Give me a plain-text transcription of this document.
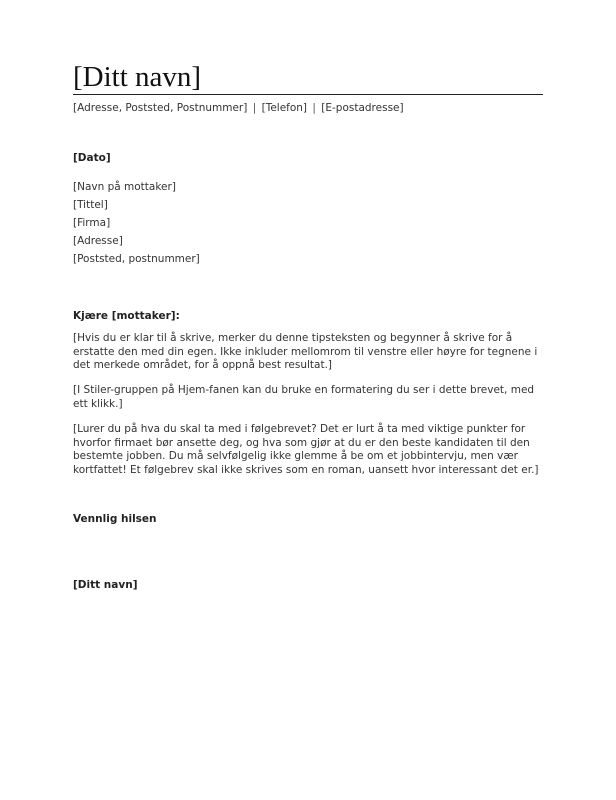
[Ditt navn]
[Adresse, Poststed, Postnummer] | [Telefon] | [E-postadresse]
[Dato]
[Navn på mottaker]
[Tittel]
[Firma]
[Adresse]
[Poststed, postnummer]
Kjære [mottaker]:

[Hvis du er klar til å skrive, merker du denne tipsteksten og begynner å skrive for å erstatte den med din egen. Ikke inkluder mellomrom til venstre eller høyre for tegnene i det merkede området, for å oppnå best resultat.]

[I Stiler-gruppen på Hjem-fanen kan du bruke en formatering du ser i dette brevet, med ett klikk.]

[Lurer du på hva du skal ta med i følgebrevet? Det er lurt å ta med viktige punkter for hvorfor firmaet bør ansette deg, og hva som gjør at du er den beste kandidaten til den bestemte jobben. Du må selvfølgelig ikke glemme å be om et jobbintervju, men vær kortfattet! Et følgebrev skal ikke skrives som en roman, uansett hvor interessant det er.]

Vennlig hilsen
[Ditt navn]
